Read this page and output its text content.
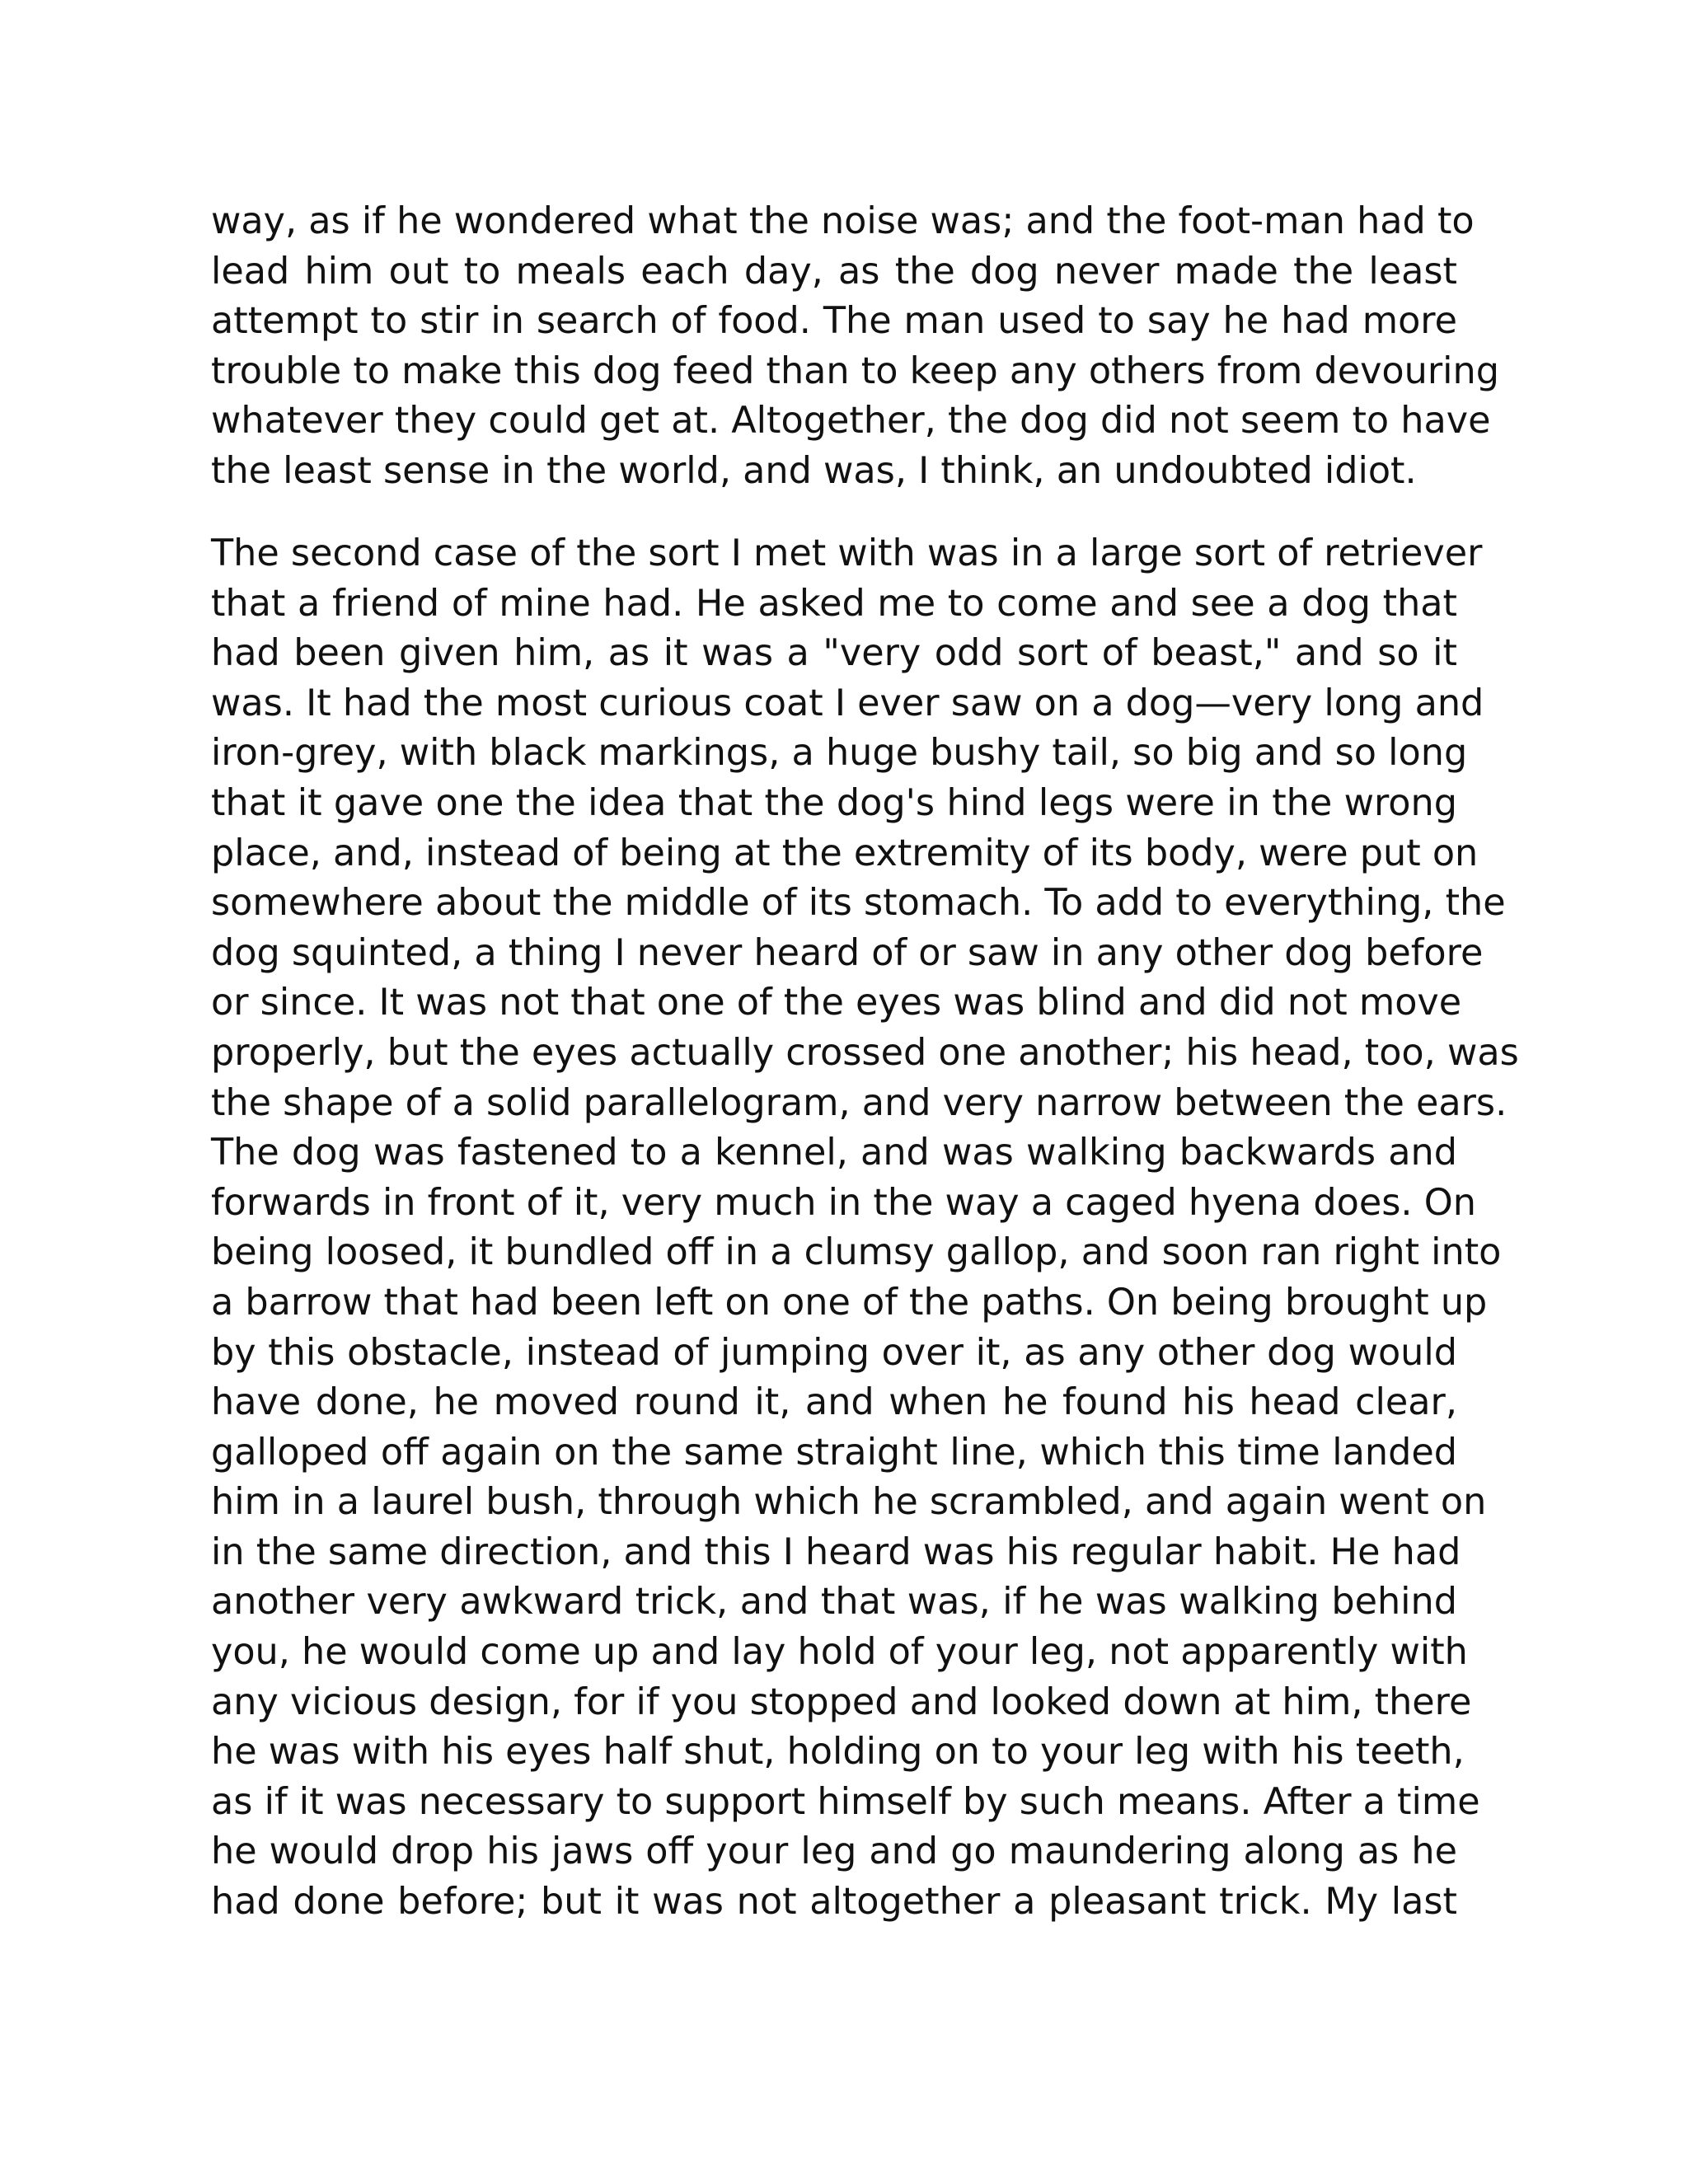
way, as if he wondered what the noise was; and the foot-man had to
lead him out to meals each day, as the dog never made the least
attempt to stir in search of food. The man used to say he had more
trouble to make this dog feed than to keep any others from devouring
whatever they could get at. Altogether, the dog did not seem to have
the least sense in the world, and was, I think, an undoubted idiot.
The second case of the sort I met with was in a large sort of retriever
that a friend of mine had. He asked me to come and see a dog that
had been given him, as it was a "very odd sort of beast," and so it
was. It had the most curious coat I ever saw on a dog—very long and
iron-grey, with black markings, a huge bushy tail, so big and so long
that it gave one the idea that the dog's hind legs were in the wrong
place, and, instead of being at the extremity of its body, were put on
somewhere about the middle of its stomach. To add to everything, the
dog squinted, a thing I never heard of or saw in any other dog before
or since. It was not that one of the eyes was blind and did not move
properly, but the eyes actually crossed one another; his head, too, was
the shape of a solid parallelogram, and very narrow between the ears.
The dog was fastened to a kennel, and was walking backwards and
forwards in front of it, very much in the way a caged hyena does. On
being loosed, it bundled off in a clumsy gallop, and soon ran right into
a barrow that had been left on one of the paths. On being brought up
by this obstacle, instead of jumping over it, as any other dog would
have done, he moved round it, and when he found his head clear,
galloped off again on the same straight line, which this time landed
him in a laurel bush, through which he scrambled, and again went on
in the same direction, and this I heard was his regular habit. He had
another very awkward trick, and that was, if he was walking behind
you, he would come up and lay hold of your leg, not apparently with
any vicious design, for if you stopped and looked down at him, there
he was with his eyes half shut, holding on to your leg with his teeth,
as if it was necessary to support himself by such means. After a time
he would drop his jaws off your leg and go maundering along as he
had done before; but it was not altogether a pleasant trick. My last
